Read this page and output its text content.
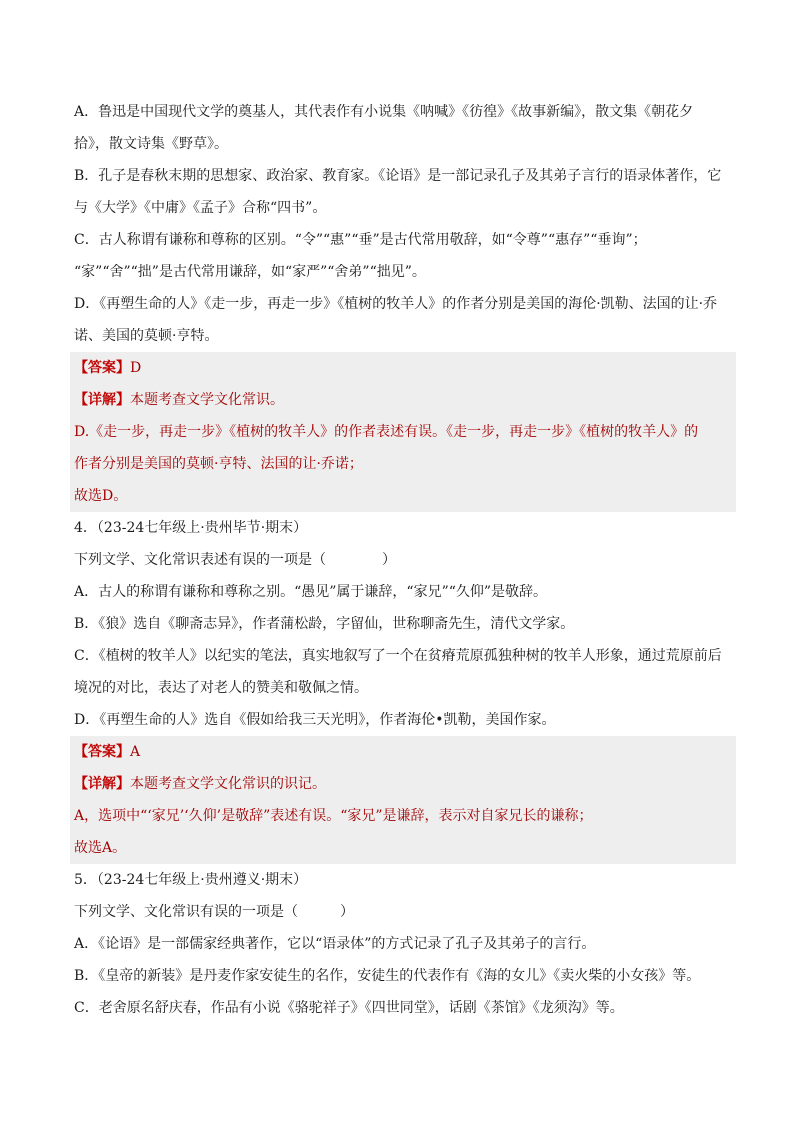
A．鲁迅是中国现代文学的奠基人，其代表作有小说集《呐喊》《彷徨》《故事新编》，散文集《朝花夕

拾》，散文诗集《野草》。

B．孔子是春秋末期的思想家、政治家、教育家。《论语》是一部记录孔子及其弟子言行的语录体著作，它

与《大学》《中庸》《孟子》合称“四书”。

C．古人称谓有谦称和尊称的区别。“令”“惠”“垂”是古代常用敬辞，如“令尊”“惠存”“垂询”；

“家”“舍”“拙”是古代常用谦辞，如“家严”“舍弟”“拙见”。

D．《再塑生命的人》《走一步，再走一步》《植树的牧羊人》的作者分别是美国的海伦·凯勒、法国的让·乔

诺、美国的莫顿·亨特。

【答案】D

【详解】本题考查文学文化常识。

D.《走一步，再走一步》《植树的牧羊人》的作者表述有误。《走一步，再走一步》《植树的牧羊人》的

作者分别是美国的莫顿·亨特、法国的让·乔诺；

故选D。

4．（23-24七年级上·贵州毕节·期末）

下列文学、文化常识表述有误的一项是（　　　　）

A．古人的称谓有谦称和尊称之别。“愚见”属于谦辞，“家兄”“久仰”是敬辞。

B．《狼》选自《聊斋志异》，作者蒲松龄，字留仙，世称聊斋先生，清代文学家。

C．《植树的牧羊人》以纪实的笔法，真实地叙写了一个在贫瘠荒原孤独种树的牧羊人形象，通过荒原前后

境况的对比，表达了对老人的赞美和敬佩之情。

D．《再塑生命的人》选自《假如给我三天光明》，作者海伦•凯勒，美国作家。

【答案】A

【详解】本题考查文学文化常识的识记。

A，选项中“‘家兄’‘久仰’是敬辞”表述有误。“家兄”是谦辞，表示对自家兄长的谦称；

故选A。

5．（23-24七年级上·贵州遵义·期末）

下列文学、文化常识有误的一项是（　　　）

A．《论语》是一部儒家经典著作，它以“语录体”的方式记录了孔子及其弟子的言行。

B．《皇帝的新装》是丹麦作家安徒生的名作，安徒生的代表作有《海的女儿》《卖火柴的小女孩》等。

C．老舍原名舒庆春，作品有小说《骆驼祥子》《四世同堂》，话剧《茶馆》《龙须沟》等。
